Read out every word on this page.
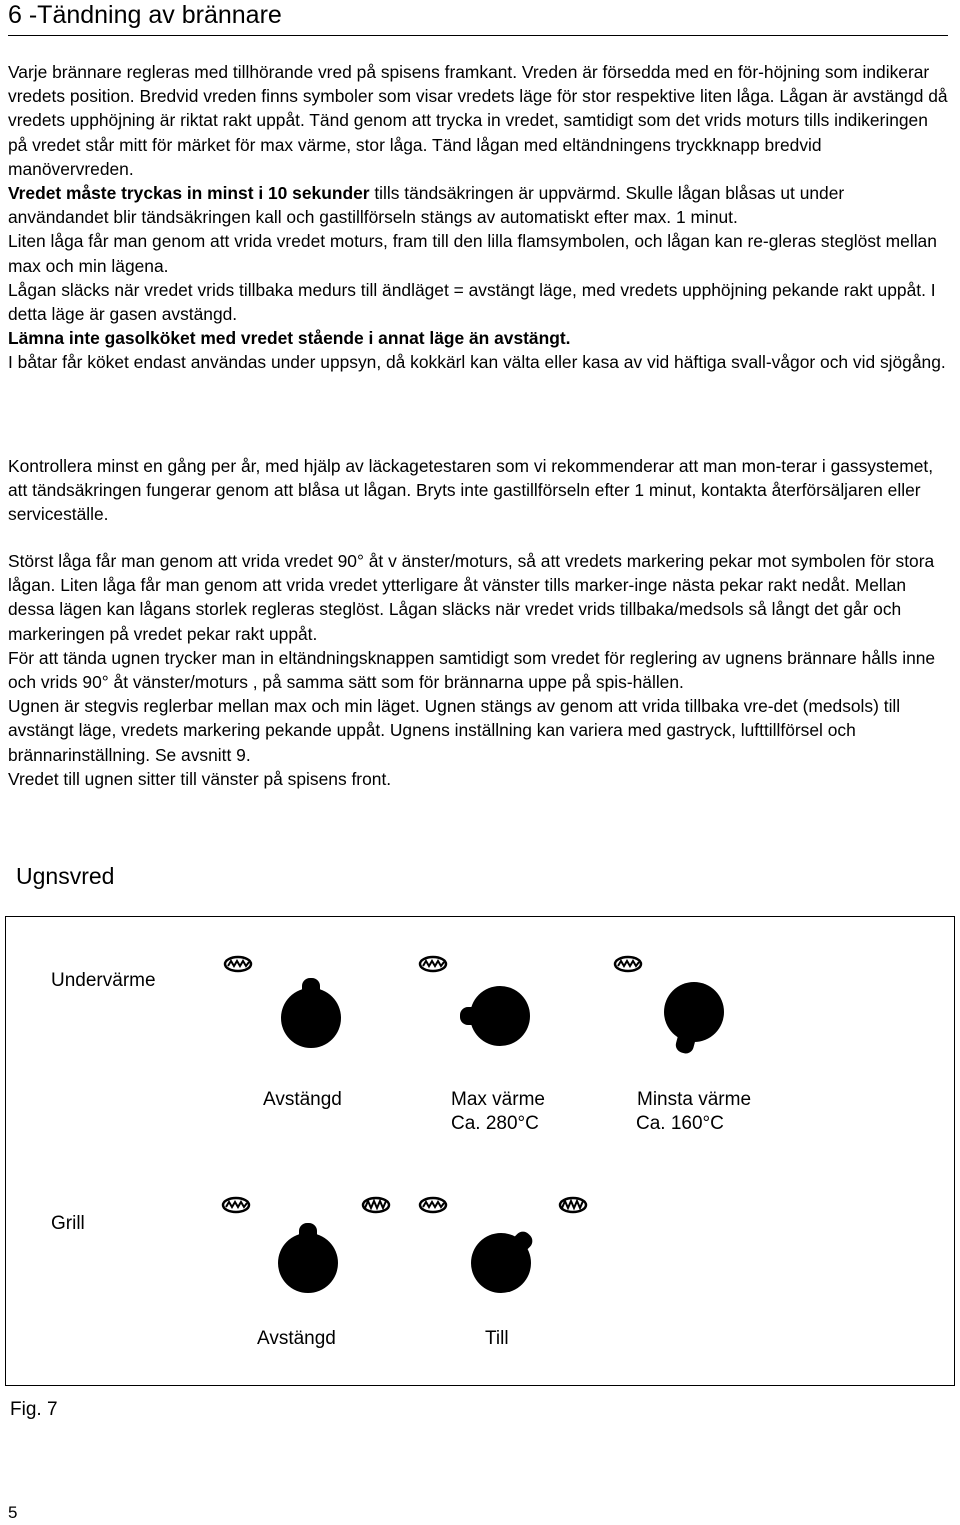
6 -Tändning av brännare

Varje brännare regleras med tillhörande vred på spisens framkant. Vreden är försedda med en för-höjning som indikerar vredets position. Bredvid vreden finns symboler som visar vredets läge för stor respektive liten låga. Lågan är avstängd då vredets upphöjning är riktat rakt uppåt. Tänd genom att trycka in vredet, samtidigt som det vrids moturs tills indikeringen på vredet står mitt för märket för max värme, stor låga. Tänd lågan med eltändningens tryckknapp bredvid manövervreden.

Vredet måste tryckas in minst i 10 sekunder tills tändsäkringen är uppvärmd. Skulle lågan blåsas ut under användandet blir tändsäkringen kall och gastillförseln stängs av automatiskt efter max. 1 minut.

Liten låga får man genom att vrida vredet moturs, fram till den lilla flamsymbolen, och lågan kan re-gleras steglöst mellan max och min lägena.

Lågan släcks när vredet vrids tillbaka medurs till ändläget = avstängt läge, med vredets upphöjning pekande rakt uppåt. I detta läge är gasen avstängd.

Lämna inte gasolköket med vredet stående i annat läge än avstängt.

I båtar får köket endast användas under uppsyn, då kokkärl kan välta eller kasa av vid häftiga svall-vågor och vid sjögång.

Kontrollera minst en gång per år, med hjälp av läckagetestaren som vi rekommenderar att man mon-terar i gassystemet, att tändsäkringen fungerar genom att blåsa ut lågan. Bryts inte gastillförseln efter 1 minut, kontakta återförsäljaren eller serviceställe.

Störst låga får man genom att vrida vredet 90° åt v änster/moturs, så att vredets markering pekar mot symbolen för stora lågan. Liten låga får man genom att vrida vredet ytterligare åt vänster tills marker-inge nästa pekar rakt nedåt. Mellan dessa lägen kan lågans storlek regleras steglöst. Lågan släcks när vredet vrids tillbaka/medsols så långt det går och markeringen på vredet pekar rakt uppåt.

För att tända ugnen trycker man in eltändningsknappen samtidigt som vredet för reglering av ugnens brännare hålls inne och vrids 90° åt vänster/moturs , på samma sätt som för brännarna uppe på spis-hällen.

Ugnen är stegvis reglerbar mellan max och min läget. Ugnen stängs av genom att vrida tillbaka vre-det (medsols) till avstängt läge, vredets markering pekande uppåt. Ugnens inställning kan variera med gastryck, lufttillförsel och brännarinställning. Se avsnitt 9.

Vredet till ugnen sitter till vänster på spisens front.

Ugnsvred
Undervärme
Avstängd	Max värme
Ca. 280°C
Minsta värme
Ca. 160°C
Grill
Avstängd	Till
Fig. 7
5
